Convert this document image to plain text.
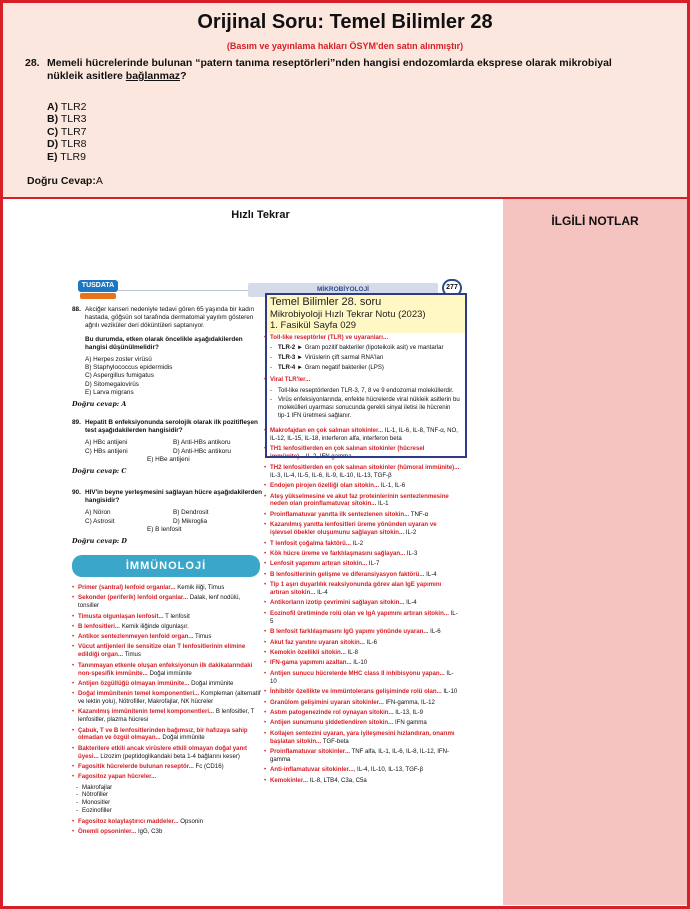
Orijinal Soru: Temel Bilimler 28
(Basım ve yayınlama hakları ÖSYM'den satın alınmıştır)
28. Memeli hücrelerinde bulunan “patern tanıma reseptörleri”nden hangisi endozomlarda eksprese olarak mikrobiyal nükleik asitlere bağlanmaz?
A) TLR2
B) TLR3
C) TLR7
D) TLR8
E) TLR9
Doğru Cevap:A
Hızlı Tekrar	İLGİLİ NOTLAR
TUSDATA
MİKROBİYOLOJİ	277
88. Akciğer kanseri nedeniyle tedavi gören 65 yaşında bir kadın hastada, göğsün sol tarafında dermatomal yayılım gösteren ağrılı veziküler deri döküntüleri saptanıyor.
Bu durumda, etken olarak öncelikle aşağıdakilerden hangisi düşünülmelidir?
A) Herpes zoster virüsü
B) Staphylococcus epidermidis
C) Aspergillus fumigatus
D) Sitomegalovirüs
E) Larva migrans
Doğru cevap: A
89. Hepatit B enfeksiyonunda serolojik olarak ilk pozitifleşen test aşağıdakilerden hangisidir?
A) HBc antijeni	B) Anti-HBs antikoru
C) HBs antijeni	D) Anti-HBc antikoru
E) HBe antijeni
Doğru cevap: C
90. HIV'in beyne yerleşmesini sağlayan hücre aşağıdakilerden hangisidir?
A) Nöron	B) Dendrosit
C) Astrosit	D) Mikroglia
E) B lenfosit
Doğru cevap: D
İMMÜNOLOJİ
• Primer (santral) lenfoid organlar... Kemik iliği, Timus
• Sekonder (periferik) lenfoid organlar... Dalak, lenf nodülü, tonsiller
• Timusta olgunlaşan lenfosit... T lenfosit
• B lenfositleri... Kemik iliğinde olgunlaşır.
• Antikor sentezlenmeyen lenfoid organ... Timus
• Vücut antijenleri ile sensitize olan T lenfositlerinin elimine edildiği organ... Timus
• Tanınmayan etkenle oluşan enfeksiyonun ilk dakikalarındaki non-spesifik immünite... Doğal immünite
• Antijen özgüllüğü olmayan immünite... Doğal immünite
• Doğal immünitenin temel komponentleri... Kompleman (alternatif ve lektin yolu), Nötrofiller, Makrofajlar, NK hücreler
• Kazanılmış immünitenin temel komponentleri... B lenfositler, T lenfositler, plazma hücresi
• Çabuk, T ve B lenfositlerinden bağımsız, bir hafızaya sahip olmadan ve özgül olmayan... Doğal immünite
• Bakterilere etkili ancak virüslere etkili olmayan doğal yanıt üyesi... Lizozim (peptidoglikandaki beta 1-4 bağlarını keser)
• Fagositik hücrelerde bulunan reseptör... Fc (CD16)
• Fagositoz yapan hücreler...
- Makrofajlar
- Nötrofiller
- Monositler
- Eozinofiller
• Fagositoz kolaylaştırıcı maddeler... Opsonin
• Önemli opsoninler... IgG, C3b
• Toll-like reseptörler (TLR) ve uyaranları...
- TLR-2 ► Gram pozitif bakteriler (lipoteikoik asit) ve mantarlar
- TLR-3 ► Virüslerin çift sarmal RNA'ları
- TLR-4 ► Gram negatif bakteriler (LPS)
• Viral TLR'ler...
- Toll-like reseptörlerden TLR-3, 7, 8 ve 9 endozomal moleküllerdir.
- Virüs enfeksiyonlarında, enfekte hücrelerde viral nükleik asitlerin bu molekülleri uyarması sonucunda gerekli sinyal iletisi ile hücrenin tip-1 IFN üretmesi sağlanır.
• Makrofajdan en çok salınan sitokinler... IL-1, IL-6, IL-8, TNF-α, NO, IL-12, IL-15, IL-18, interferon alfa, interferon beta
• TH1 lenfositlerden en çok salınan sitokinler (hücresel immünite)... IL-2, IFN gamma
• TH2 lenfositlerden en çok salınan sitokinler (hümoral immünite)... IL-3, IL-4, IL-5, IL-6, IL-9, IL-10, IL-13, TGF-β
• Endojen pirojen özelliği olan sitokin... IL-1, IL-6
• Ateş yükselmesine ve akut faz proteinlerinin sentezlenmesine neden olan proinflamatuvar sitokin... IL-1
• Proinflamatuvar yanıtta ilk sentezlenen sitokin... TNF-α
• Kazanılmış yanıtta lenfositleri üreme yönünden uyaran ve işlevsel öbekler oluşumunu sağlayan sitokin... IL-2
• T lenfosit çoğalma faktörü... IL-2
• Kök hücre üreme ve farklılaşmasını sağlayan... IL-3
• Lenfosit yapımını artıran sitokin... IL-7
• B lenfositlerinin gelişme ve diferansiyasyon faktörü... IL-4
• Tip 1 aşırı duyarlılık reaksiyonunda görev alan IgE yapımını artıran sitokin... IL-4
• Antikorların izotip çevrimini sağlayan sitokin... IL-4
• Eozinofil üretiminde rolü olan ve IgA yapımını artıran sitokin... IL-5
• B lenfosit farklılaşmasını IgG yapımı yönünde uyaran... IL-6
• Akut faz yanıtını uyaran sitokin... IL-6
• Kemokin özellikli sitokin... IL-8
• IFN-gama yapımını azaltan... IL-10
• Antijen sunucu hücrelerde MHC class II inhibisyonu yapan... IL-10
• İnhibitör özellikte ve immüntolerans gelişiminde rolü olan... IL-10
• Granülom gelişimini uyaran sitokinler... IFN-gamma, IL-12
• Astım patogenezinde rol oynayan sitokin... IL-13, IL-9
• Antijen sunumunu şiddetlendiren sitokin... IFN gamma
• Kollajen sentezini uyaran, yara iyileşmesini hızlandıran, onarımı başlatan sitokin... TGF-beta
• Proinflamatuvar sitokinler... TNF alfa, IL-1, IL-6, IL-8, IL-12, IFN-gamma
• Anti-inflamatuvar sitokinler..., IL-4, IL-10, IL-13, TGF-β
• Kemokinler... IL-8, LTB4, C3a, C5a
Temel Bilimler 28. soru
Mikrobiyoloji Hızlı Tekrar Notu (2023)
1. Fasikül Sayfa 029
